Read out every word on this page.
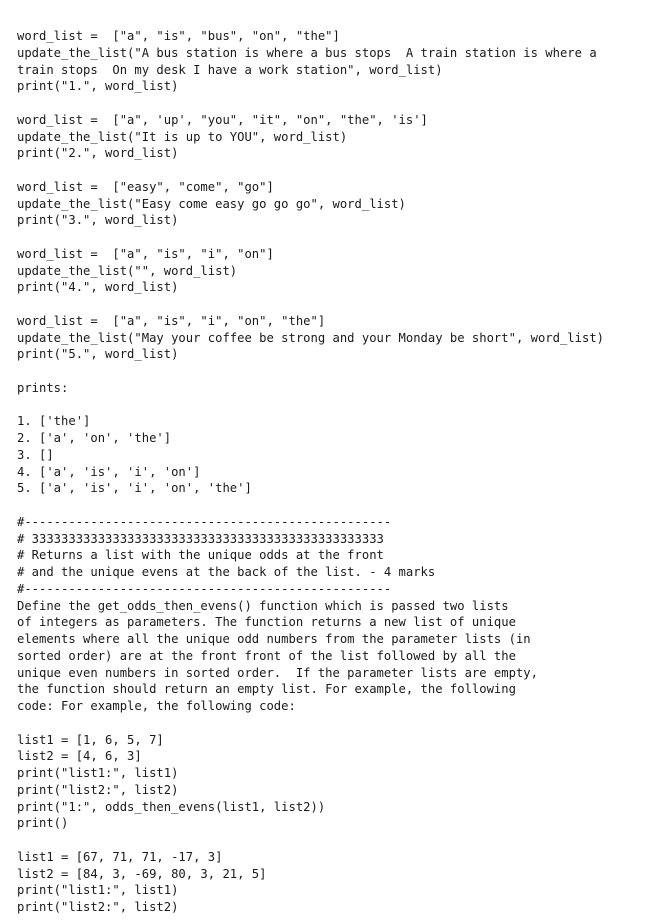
word_list =  ["a", "is", "bus", "on", "the"]
update_the_list("A bus station is where a bus stops  A train station is where a
train stops  On my desk I have a work station", word_list)
print("1.", word_list)
word_list =  ["a", 'up', "you", "it", "on", "the", 'is']
update_the_list("It is up to YOU", word_list)
print("2.", word_list)
word_list =  ["easy", "come", "go"]
update_the_list("Easy come easy go go go", word_list)
print("3.", word_list)
word_list =  ["a", "is", "i", "on"]
update_the_list("", word_list)
print("4.", word_list)
word_list =  ["a", "is", "i", "on", "the"]
update_the_list("May your coffee be strong and your Monday be short", word_list)
print("5.", word_list)
prints:
1. ['the']
2. ['a', 'on', 'the']
3. []
4. ['a', 'is', 'i', 'on']
5. ['a', 'is', 'i', 'on', 'the']
#--------------------------------------------------
# 333333333333333333333333333333333333333333333333
# Returns a list with the unique odds at the front
# and the unique evens at the back of the list. - 4 marks
#--------------------------------------------------
Define the get_odds_then_evens() function which is passed two lists
of integers as parameters. The function returns a new list of unique
elements where all the unique odd numbers from the parameter lists (in
sorted order) are at the front front of the list followed by all the
unique even numbers in sorted order.  If the parameter lists are empty,
the function should return an empty list. For example, the following
code: For example, the following code:
list1 = [1, 6, 5, 7]
list2 = [4, 6, 3]
print("list1:", list1)
print("list2:", list2)
print("1:", odds_then_evens(list1, list2))
print()
list1 = [67, 71, 71, -17, 3]
list2 = [84, 3, -69, 80, 3, 21, 5]
print("list1:", list1)
print("list2:", list2)
